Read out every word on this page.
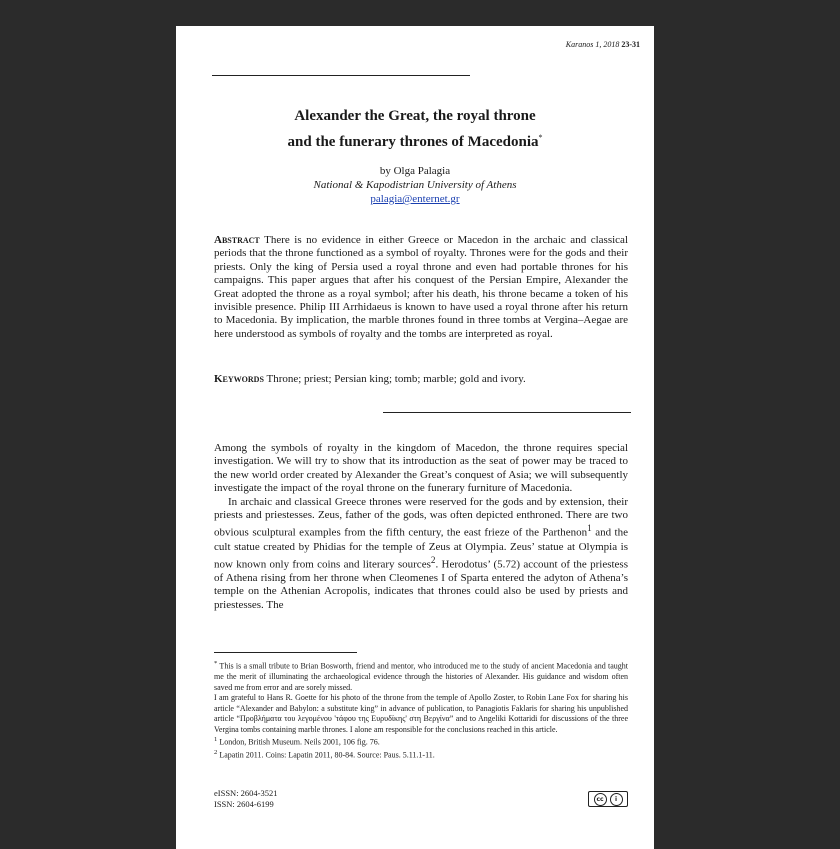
Karanos 1, 2018 23-31
Alexander the Great, the royal throne
and the funerary thrones of Macedonia*
by Olga Palagia
National & Kapodistrian University of Athens
palagia@enternet.gr
Abstract There is no evidence in either Greece or Macedon in the archaic and classical periods that the throne functioned as a symbol of royalty. Thrones were for the gods and their priests. Only the king of Persia used a royal throne and even had portable thrones for his campaigns. This paper argues that after his conquest of the Persian Empire, Alexander the Great adopted the throne as a royal symbol; after his death, his throne became a token of his invisible presence. Philip III Arrhidaeus is known to have used a royal throne after his return to Macedonia. By implication, the marble thrones found in three tombs at Vergina–Aegae are here understood as symbols of royalty and the tombs are interpreted as royal.
Keywords Throne; priest; Persian king; tomb; marble; gold and ivory.
Among the symbols of royalty in the kingdom of Macedon, the throne requires special investigation. We will try to show that its introduction as the seat of power may be traced to the new world order created by Alexander the Great’s conquest of Asia; we will subsequently investigate the impact of the royal throne on the funerary furniture of Macedonia.
In archaic and classical Greece thrones were reserved for the gods and by extension, their priests and priestesses. Zeus, father of the gods, was often depicted enthroned. There are two obvious sculptural examples from the fifth century, the east frieze of the Parthenon$^1$ and the cult statue created by Phidias for the temple of Zeus at Olympia. Zeus’ statue at Olympia is now known only from coins and literary sources$^2$. Herodotus’ (5.72) account of the priestess of Athena rising from her throne when Cleomenes I of Sparta entered the adyton of Athena’s temple on the Athenian Acropolis, indicates that thrones could also be used by priests and priestesses. The
* This is a small tribute to Brian Bosworth, friend and mentor, who introduced me to the study of ancient Macedonia and taught me the merit of illuminating the archaeological evidence through the histories of Alexander. His guidance and wisdom often saved me from error and are sorely missed.
I am grateful to Hans R. Goette for his photo of the throne from the temple of Apollo Zoster, to Robin Lane Fox for sharing his article “Alexander and Babylon: a substitute king” in advance of publication, to Panagiotis Faklaris for sharing his unpublished article “Προβλήματα του λεγομένου 'τάφου της Ευρυδίκης' στη Βεργίνα” and to Angeliki Kottaridi for discussions of the three Vergina tombs containing marble thrones. I alone am responsible for the conclusions reached in this article.
$^1$ London, British Museum. Neils 2001, 106 fig. 76.
$^2$ Lapatin 2011. Coins: Lapatin 2011, 80-84. Source: Paus. 5.11.1-11.
eISSN: 2604-3521
ISSN: 2604-6199	cc	i
